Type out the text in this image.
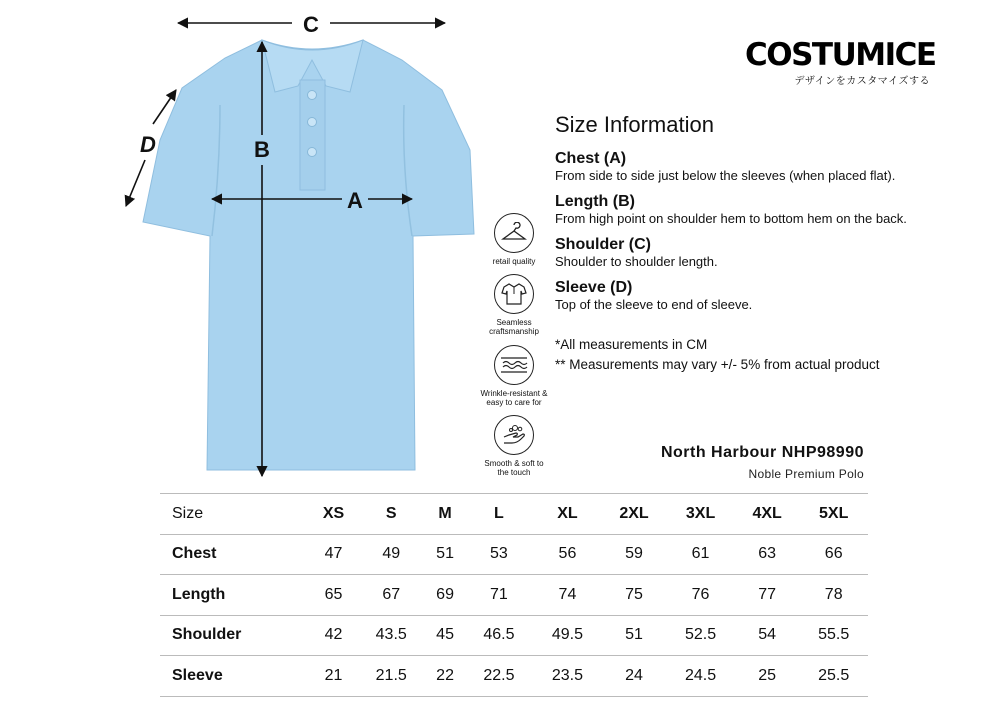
C
B
A
D
retail quality
Seamless craftsmanship
Wrinkle-resistant & easy to care for
Smooth & soft to the touch
COSTUMICE
デザインをカスタマイズする
Size Information
Chest (A)

From side to side just below the sleeves (when placed flat).

Length (B)

From high point on shoulder hem to bottom hem on the back.

Shoulder (C)

Shoulder to shoulder length.

Sleeve (D)

Top of the sleeve to end of sleeve.

*All measurements in CM
** Measurements may vary +/- 5% from actual product
North Harbour NHP98990
Noble Premium Polo
Size	XS	S	M	L	XL	2XL	3XL	4XL	5XL
Chest	47	49	51	53	56	59	61	63	66
Length	65	67	69	71	74	75	76	77	78
Shoulder	42	43.5	45	46.5	49.5	51	52.5	54	55.5
Sleeve	21	21.5	22	22.5	23.5	24	24.5	25	25.5
